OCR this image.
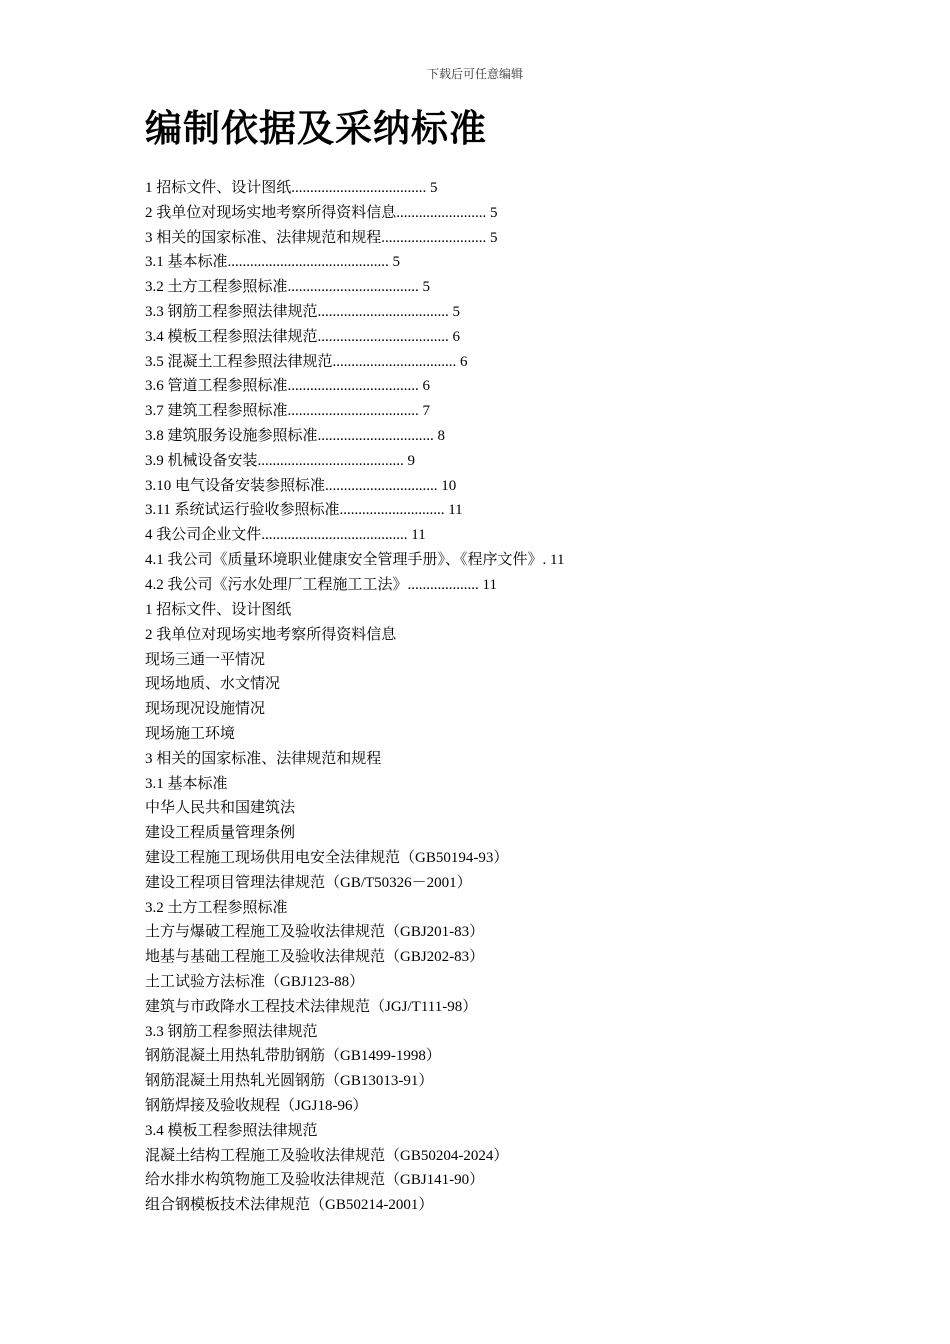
下载后可任意编辑
编制依据及采纳标准
1 招标文件、设计图纸.................................... 5
2 我单位对现场实地考察所得资料信息........................ 5
3 相关的国家标准、法律规范和规程............................ 5
3.1 基本标准........................................... 5
3.2 土方工程参照标准................................... 5
3.3 钢筋工程参照法律规范................................... 5
3.4 模板工程参照法律规范................................... 6
3.5 混凝土工程参照法律规范................................. 6
3.6 管道工程参照标准................................... 6
3.7 建筑工程参照标准................................... 7
3.8 建筑服务设施参照标准............................... 8
3.9 机械设备安装....................................... 9
3.10 电气设备安装参照标准.............................. 10
3.11 系统试运行验收参照标准............................ 11
4 我公司企业文件....................................... 11
4.1 我公司《质量环境职业健康安全管理手册》、《程序文件》. 11
4.2 我公司《污水处理厂工程施工工法》................... 11
1 招标文件、设计图纸
2 我单位对现场实地考察所得资料信息
现场三通一平情况
现场地质、水文情况
现场现况设施情况
现场施工环境
3 相关的国家标准、法律规范和规程
3.1 基本标准
中华人民共和国建筑法
建设工程质量管理条例
建设工程施工现场供用电安全法律规范（GB50194-93）
建设工程项目管理法律规范（GB/T50326－2001）
3.2 土方工程参照标准
土方与爆破工程施工及验收法律规范（GBJ201-83）
地基与基础工程施工及验收法律规范（GBJ202-83）
土工试验方法标准（GBJ123-88）
建筑与市政降水工程技术法律规范（JGJ/T111-98）
3.3 钢筋工程参照法律规范
钢筋混凝土用热轧带肋钢筋（GB1499-1998）
钢筋混凝土用热轧光圆钢筋（GB13013-91）
钢筋焊接及验收规程（JGJ18-96）
3.4 模板工程参照法律规范
混凝土结构工程施工及验收法律规范（GB50204-2024）
给水排水构筑物施工及验收法律规范（GBJ141-90）
组合钢模板技术法律规范（GB50214-2001）
